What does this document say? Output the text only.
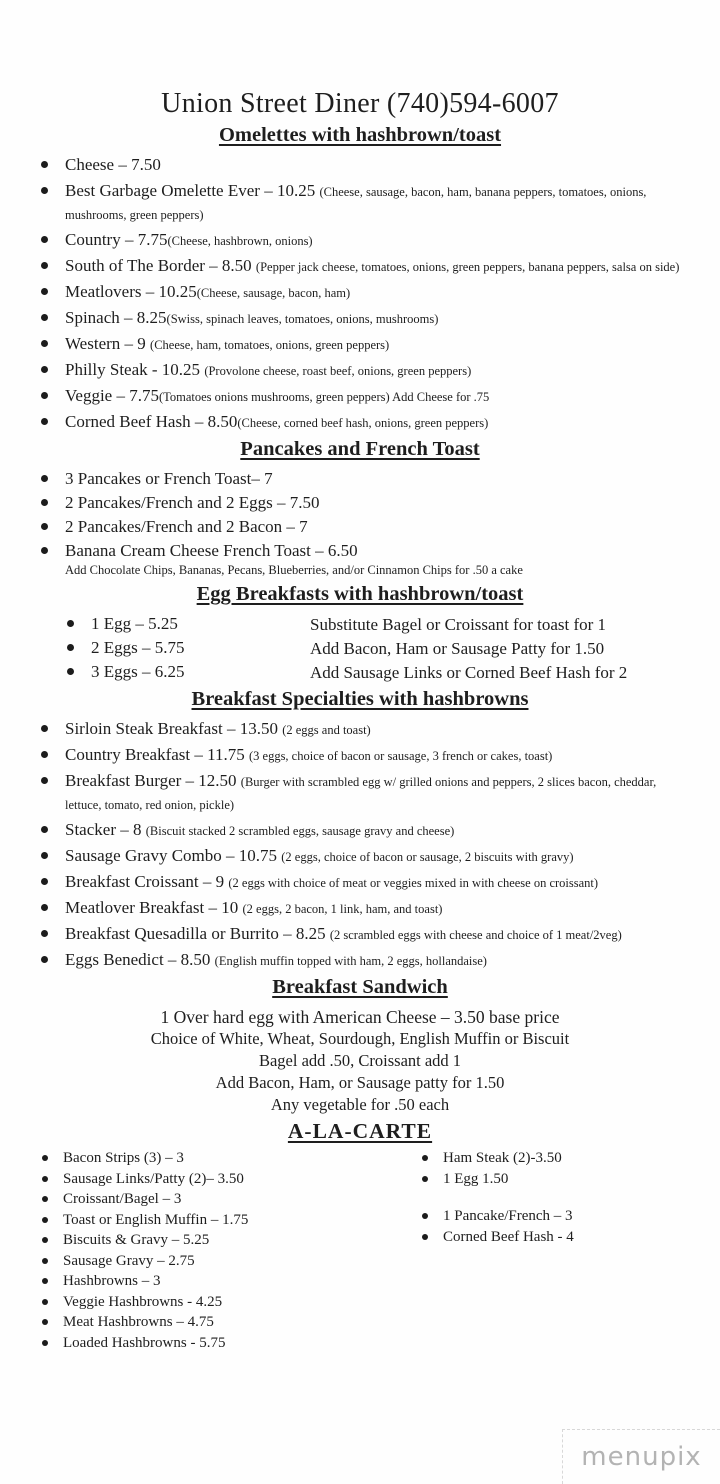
Union Street Diner (740)594-6007
Omelettes with hashbrown/toast
Cheese – 7.50
Best Garbage Omelette Ever – 10.25 (Cheese, sausage, bacon, ham, banana peppers, tomatoes, onions, mushrooms, green peppers)
Country – 7.75(Cheese, hashbrown, onions)
South of The Border – 8.50 (Pepper jack cheese, tomatoes, onions, green peppers, banana peppers, salsa on side)
Meatlovers – 10.25(Cheese, sausage, bacon, ham)
Spinach – 8.25(Swiss, spinach leaves, tomatoes, onions, mushrooms)
Western – 9 (Cheese, ham, tomatoes, onions, green peppers)
Philly Steak - 10.25 (Provolone cheese, roast beef, onions, green peppers)
Veggie – 7.75(Tomatoes onions mushrooms, green peppers) Add Cheese for .75
Corned Beef Hash – 8.50(Cheese, corned beef hash, onions, green peppers)
Pancakes and French Toast
3 Pancakes or French Toast– 7
2 Pancakes/French and 2 Eggs – 7.50
2 Pancakes/French and 2 Bacon – 7
Banana Cream Cheese French Toast – 6.50
Add Chocolate Chips, Bananas, Pecans, Blueberries, and/or Cinnamon Chips for .50 a cake
Egg Breakfasts with hashbrown/toast
1 Egg – 5.25
2 Eggs – 5.75
3 Eggs – 6.25
Substitute Bagel or Croissant for toast for 1
Add Bacon, Ham or Sausage Patty for 1.50
Add Sausage Links or Corned Beef Hash for 2
Breakfast Specialties with hashbrowns
Sirloin Steak Breakfast – 13.50 (2 eggs and toast)
Country Breakfast – 11.75 (3 eggs, choice of bacon or sausage, 3 french or cakes, toast)
Breakfast Burger – 12.50 (Burger with scrambled egg w/ grilled onions and peppers, 2 slices bacon, cheddar, lettuce, tomato, red onion, pickle)
Stacker – 8 (Biscuit stacked 2 scrambled eggs, sausage gravy and cheese)
Sausage Gravy Combo – 10.75 (2 eggs, choice of bacon or sausage, 2 biscuits with gravy)
Breakfast Croissant – 9 (2 eggs with choice of meat or veggies mixed in with cheese on croissant)
Meatlover Breakfast – 10 (2 eggs, 2 bacon, 1 link, ham, and toast)
Breakfast Quesadilla or Burrito – 8.25 (2 scrambled eggs with cheese and choice of 1 meat/2veg)
Eggs Benedict – 8.50 (English muffin topped with ham, 2 eggs, hollandaise)
Breakfast Sandwich
1 Over hard egg with American Cheese – 3.50 base price
Choice of White, Wheat, Sourdough, English Muffin or Biscuit
Bagel add .50, Croissant add 1
Add Bacon, Ham, or Sausage patty for 1.50
Any vegetable for .50 each
A-LA-CARTE
Bacon Strips (3) – 3
Sausage Links/Patty (2)– 3.50
Croissant/Bagel – 3
Toast or English Muffin – 1.75
Biscuits & Gravy – 5.25
Sausage Gravy – 2.75
Hashbrowns – 3
Veggie Hashbrowns - 4.25
Meat Hashbrowns – 4.75
Loaded Hashbrowns - 5.75
Ham Steak (2)-3.50
1 Egg 1.50
1 Pancake/French – 3
Corned Beef Hash - 4
menupix
